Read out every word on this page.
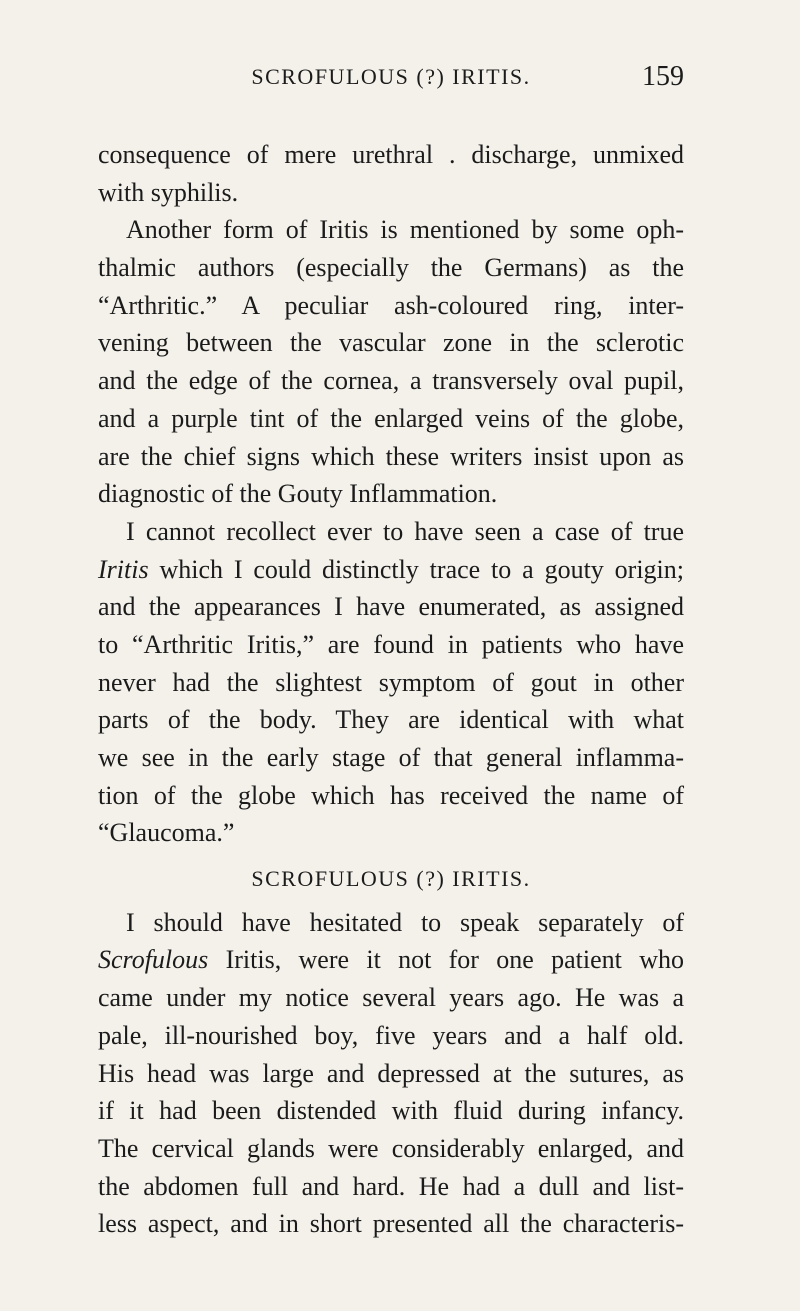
SCROFULOUS (?) IRITIS.	159
consequence of mere urethral . discharge, unmixed
with syphilis.
Another form of Iritis is mentioned by some oph-
thalmic authors (especially the Germans) as the
“Arthritic.” A peculiar ash-coloured ring, inter-
vening between the vascular zone in the sclerotic
and the edge of the cornea, a transversely oval pupil,
and a purple tint of the enlarged veins of the globe,
are the chief signs which these writers insist upon as
diagnostic of the Gouty Inflammation.
I cannot recollect ever to have seen a case of true
Iritis which I could distinctly trace to a gouty origin;
and the appearances I have enumerated, as assigned
to “Arthritic Iritis,” are found in patients who have
never had the slightest symptom of gout in other
parts of the body. They are identical with what
we see in the early stage of that general inflamma-
tion of the globe which has received the name of
“Glaucoma.”
SCROFULOUS (?) IRITIS.
I should have hesitated to speak separately of
Scrofulous Iritis, were it not for one patient who
came under my notice several years ago. He was a
pale, ill-nourished boy, five years and a half old.
His head was large and depressed at the sutures, as
if it had been distended with fluid during infancy.
The cervical glands were considerably enlarged, and
the abdomen full and hard. He had a dull and list-
less aspect, and in short presented all the characteris-
